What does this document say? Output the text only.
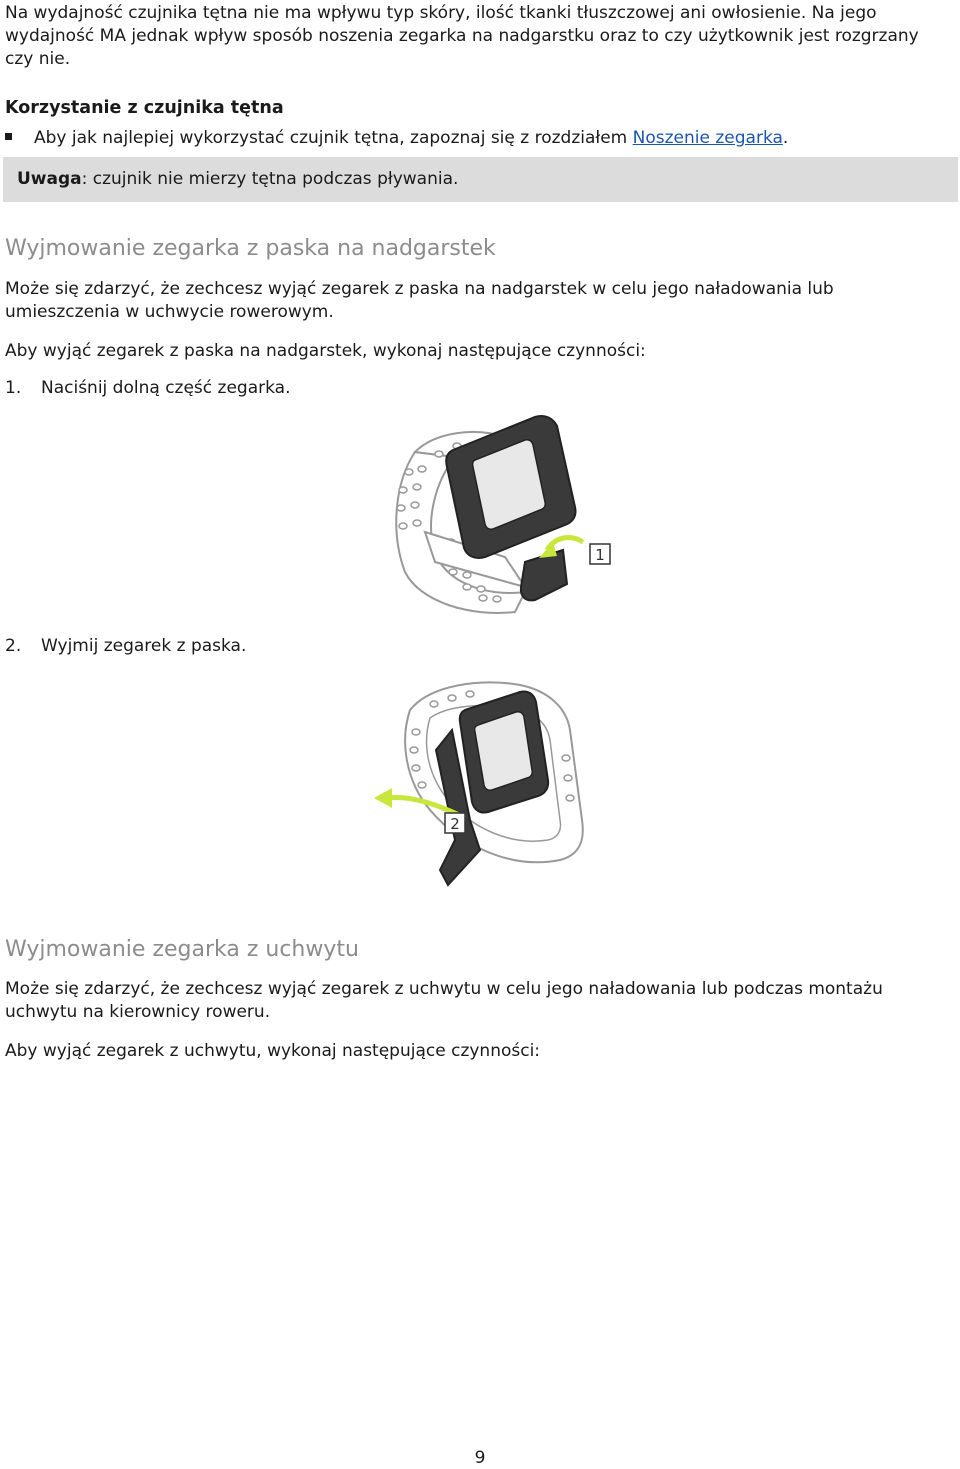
Na wydajność czujnika tętna nie ma wpływu typ skóry, ilość tkanki tłuszczowej ani owłosienie. Na jego wydajność MA jednak wpływ sposób noszenia zegarka na nadgarstku oraz to czy użytkownik jest rozgrzany czy nie.

Korzystanie z czujnika tętna
Aby jak najlepiej wykorzystać czujnik tętna, zapoznaj się z rozdziałem Noszenie zegarka.

Uwaga: czujnik nie mierzy tętna podczas pływania.

Wyjmowanie zegarka z paska na nadgarstek

Może się zdarzyć, że zechcesz wyjąć zegarek z paska na nadgarstek w celu jego naładowania lub umieszczenia w uchwycie rowerowym.

Aby wyjąć zegarek z paska na nadgarstek, wykonaj następujące czynności:

1. Naciśnij dolną część zegarka.
1
2. Wyjmij zegarek z paska.
2
Wyjmowanie zegarka z uchwytu

Może się zdarzyć, że zechcesz wyjąć zegarek z uchwytu w celu jego naładowania lub podczas montażu uchwytu na kierownicy roweru.

Aby wyjąć zegarek z uchwytu, wykonaj następujące czynności:

9
